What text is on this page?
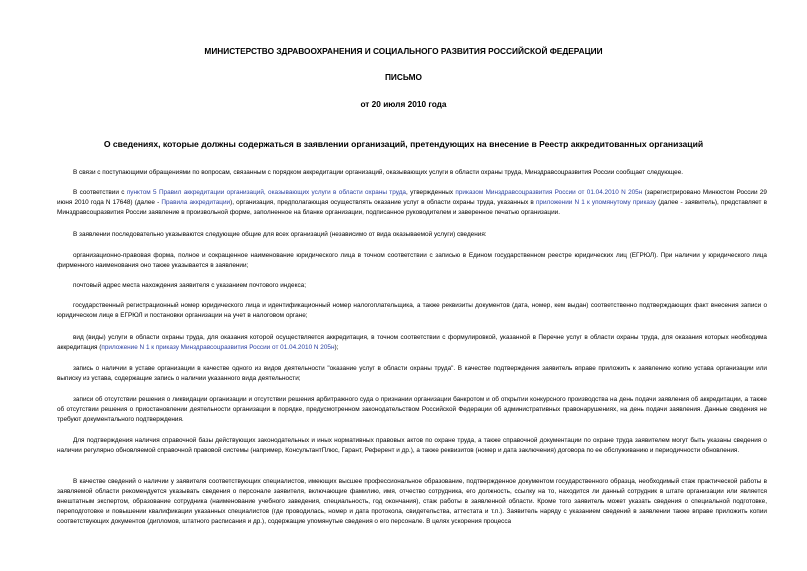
МИНИСТЕРСТВО ЗДРАВООХРАНЕНИЯ И СОЦИАЛЬНОГО РАЗВИТИЯ РОССИЙСКОЙ ФЕДЕРАЦИИ
ПИСЬМО
от 20 июля 2010 года
О сведениях, которые должны содержаться в заявлении организаций, претендующих на внесение в Реестр аккредитованных организаций
В связи с поступающими обращениями по вопросам, связанным с порядком аккредитации организаций, оказывающих услуги в области охраны труда, Минздравсоцразвития России сообщает следующее.
В соответствии с пунктом 5 Правил аккредитации организаций, оказывающих услуги в области охраны труда, утвержденных приказом Минздравсоцразвития России от 01.04.2010 N 205н (зарегистрировано Минюстом России 29 июня 2010 года N 17648) (далее - Правила аккредитации), организация, предполагающая осуществлять оказание услуг в области охраны труда, указанных в приложении N 1 к упомянутому приказу (далее - заявитель), представляет в Минздравсоцразвития России заявление в произвольной форме, заполненное на бланке организации, подписанное руководителем и заверенное печатью организации.
В заявлении последовательно указываются следующие общие для всех организаций (независимо от вида оказываемой услуги) сведения:
организационно-правовая форма, полное и сокращенное наименование юридического лица в точном соответствии с записью в Едином государственном реестре юридических лиц (ЕГРЮЛ). При наличии у юридического лица фирменного наименования оно также указывается в заявлении;
почтовый адрес места нахождения заявителя с указанием почтового индекса;
государственный регистрационный номер юридического лица и идентификационный номер налогоплательщика, а также реквизиты документов (дата, номер, кем выдан) соответственно подтверждающих факт внесения записи о юридическом лице в ЕГРЮЛ и постановки организации на учет в налоговом органе;
вид (виды) услуги в области охраны труда, для оказания которой осуществляется аккредитация, в точном соответствии с формулировкой, указанной в Перечне услуг в области охраны труда, для оказания которых необходима аккредитация (приложение N 1 к приказу Минздравсоцразвития России от 01.04.2010 N 205н);
запись о наличии в уставе организации в качестве одного из видов деятельности "оказание услуг в области охраны труда". В качестве подтверждения заявитель вправе приложить к заявлению копию устава организации или выписку из устава, содержащие запись о наличии указанного вида деятельности;
записи об отсутствии решения о ликвидации организации и отсутствии решения арбитражного суда о признании организации банкротом и об открытии конкурсного производства на день подачи заявления об аккредитации, а также об отсутствии решения о приостановлении деятельности организации в порядке, предусмотренном законодательством Российской Федерации об административных правонарушениях, на день подачи заявления. Данные сведения не требуют документального подтверждения.
Для подтверждения наличия справочной базы действующих законодательных и иных нормативных правовых актов по охране труда, а также справочной документации по охране труда заявителем могут быть указаны сведения о наличии регулярно обновляемой справочной правовой системы (например, КонсультантПлюс, Гарант, Референт и др.), а также реквизитов (номер и дата заключения) договора по ее обслуживанию и периодичности обновления.
В качестве сведений о наличии у заявителя соответствующих специалистов, имеющих высшее профессиональное образование, подтвержденное документом государственного образца, необходимый стаж практической работы в заявляемой области рекомендуется указывать сведения о персонале заявителя, включающие фамилию, имя, отчество сотрудника, его должность, ссылку на то, находится ли данный сотрудник в штате организации или является внештатным экспертом, образование сотрудника (наименование учебного заведения, специальность, год окончания), стаж работы в заявленной области. Кроме того заявитель может указать сведения о специальной подготовке, переподготовке и повышении квалификации указанных специалистов (где проводилась, номер и дата протокола, свидетельства, аттестата и т.п.). Заявитель наряду с указанием сведений в заявлении также вправе приложить копии соответствующих документов (дипломов, штатного расписания и др.), содержащие упомянутые сведения о его персонале. В целях ускорения процесса
